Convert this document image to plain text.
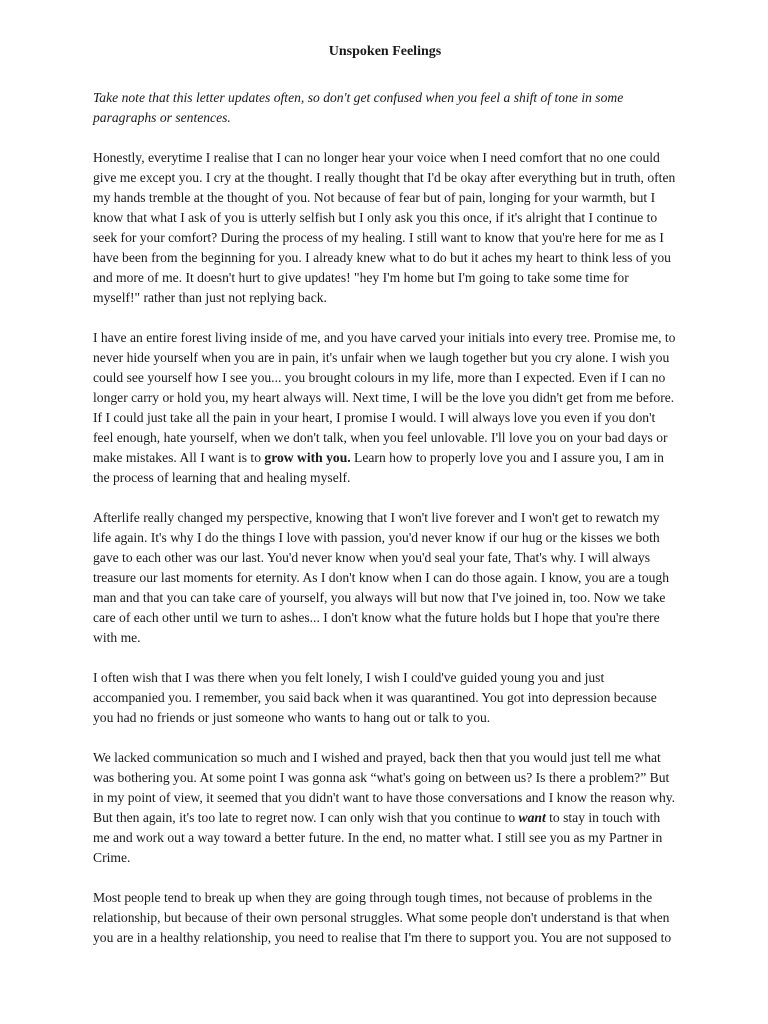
Unspoken Feelings

Take note that this letter updates often, so don't get confused when you feel a shift of tone in some paragraphs or sentences.

Honestly, everytime I realise that I can no longer hear your voice when I need comfort that no one could give me except you. I cry at the thought. I really thought that I'd be okay after everything but in truth, often my hands tremble at the thought of you. Not because of fear but of pain, longing for your warmth, but I know that what I ask of you is utterly selfish but I only ask you this once, if it's alright that I continue to seek for your comfort? During the process of my healing. I still want to know that you're here for me as I have been from the beginning for you. I already knew what to do but it aches my heart to think less of you and more of me. It doesn't hurt to give updates! "hey I'm home but I'm going to take some time for myself!" rather than just not replying back.

I have an entire forest living inside of me, and you have carved your initials into every tree. Promise me, to never hide yourself when you are in pain, it's unfair when we laugh together but you cry alone. I wish you could see yourself how I see you... you brought colours in my life, more than I expected. Even if I can no longer carry or hold you, my heart always will. Next time, I will be the love you didn't get from me before. If I could just take all the pain in your heart, I promise I would. I will always love you even if you don't feel enough, hate yourself, when we don't talk, when you feel unlovable. I'll love you on your bad days or make mistakes. All I want is to grow with you. Learn how to properly love you and I assure you, I am in the process of learning that and healing myself.

Afterlife really changed my perspective, knowing that I won't live forever and I won't get to rewatch my life again. It's why I do the things I love with passion, you'd never know if our hug or the kisses we both gave to each other was our last. You'd never know when you'd seal your fate, That's why. I will always treasure our last moments for eternity. As I don't know when I can do those again. I know, you are a tough man and that you can take care of yourself, you always will but now that I've joined in, too. Now we take care of each other until we turn to ashes... I don't know what the future holds but I hope that you're there with me.

I often wish that I was there when you felt lonely, I wish I could've guided young you and just accompanied you. I remember, you said back when it was quarantined. You got into depression because you had no friends or just someone who wants to hang out or talk to you.

We lacked communication so much and I wished and prayed, back then that you would just tell me what was bothering you. At some point I was gonna ask “what's going on between us? Is there a problem?” But in my point of view, it seemed that you didn't want to have those conversations and I know the reason why. But then again, it's too late to regret now. I can only wish that you continue to want to stay in touch with me and work out a way toward a better future. In the end, no matter what. I still see you as my Partner in Crime.

Most people tend to break up when they are going through tough times, not because of problems in the relationship, but because of their own personal struggles. What some people don't understand is that when you are in a healthy relationship, you need to realise that I'm there to support you. You are not supposed to
